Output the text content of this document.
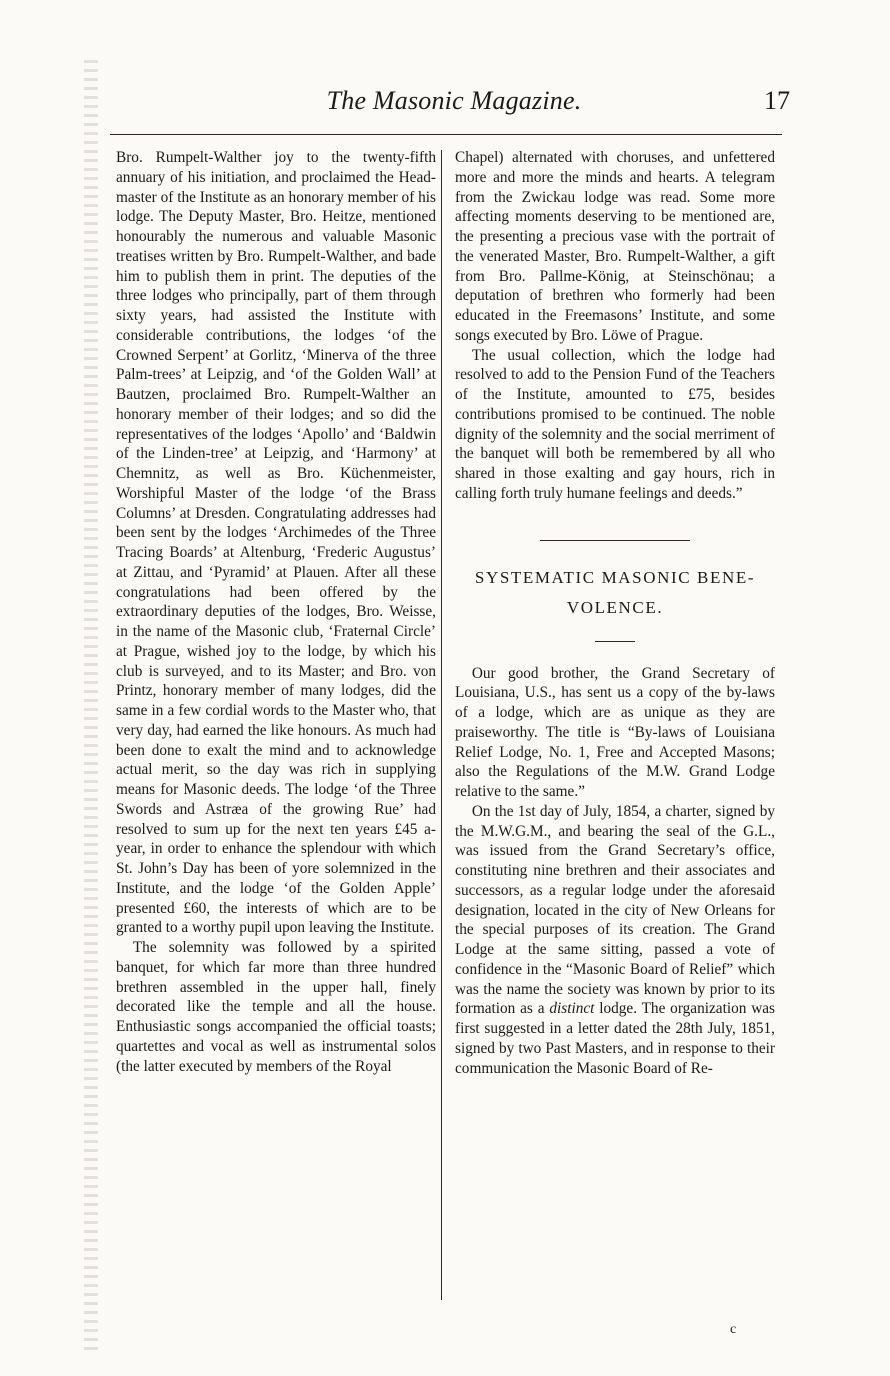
The Masonic Magazine.	17

Bro. Rumpelt-Walther joy to the twenty-fifth annuary of his initiation, and proclaimed the Head-master of the Institute as an honorary member of his lodge. The Deputy Master, Bro. Heitze, mentioned honourably the numerous and valuable Masonic treatises written by Bro. Rumpelt-Walther, and bade him to publish them in print. The deputies of the three lodges who principally, part of them through sixty years, had assisted the Institute with considerable contributions, the lodges ‘of the Crowned Serpent’ at Gorlitz, ‘Minerva of the three Palm-trees’ at Leipzig, and ‘of the Golden Wall’ at Bautzen, proclaimed Bro. Rumpelt-Walther an honorary member of their lodges; and so did the representatives of the lodges ‘Apollo’ and ‘Baldwin of the Linden-tree’ at Leipzig, and ‘Harmony’ at Chemnitz, as well as Bro. Küchenmeister, Worshipful Master of the lodge ‘of the Brass Columns’ at Dresden. Congratulating addresses had been sent by the lodges ‘Archimedes of the Three Tracing Boards’ at Altenburg, ‘Frederic Augustus’ at Zittau, and ‘Pyramid’ at Plauen. After all these congratulations had been offered by the extraordinary deputies of the lodges, Bro. Weisse, in the name of the Masonic club, ‘Fraternal Circle’ at Prague, wished joy to the lodge, by which his club is surveyed, and to its Master; and Bro. von Printz, honorary member of many lodges, did the same in a few cordial words to the Master who, that very day, had earned the like honours. As much had been done to exalt the mind and to acknowledge actual merit, so the day was rich in supplying means for Masonic deeds. The lodge ‘of the Three Swords and Astræa of the growing Rue’ had resolved to sum up for the next ten years £45 a-year, in order to enhance the splendour with which St. John’s Day has been of yore solemnized in the Institute, and the lodge ‘of the Golden Apple’ presented £60, the interests of which are to be granted to a worthy pupil upon leaving the Institute.

The solemnity was followed by a spirited banquet, for which far more than three hundred brethren assembled in the upper hall, finely decorated like the temple and all the house. Enthusiastic songs accompanied the official toasts; quartettes and vocal as well as instrumental solos (the latter executed by members of the Royal

Chapel) alternated with choruses, and unfettered more and more the minds and hearts. A telegram from the Zwickau lodge was read. Some more affecting moments deserving to be mentioned are, the presenting a precious vase with the portrait of the venerated Master, Bro. Rumpelt-Walther, a gift from Bro. Pallme-König, at Steinschönau; a deputation of brethren who formerly had been educated in the Freemasons’ Institute, and some songs executed by Bro. Löwe of Prague.

The usual collection, which the lodge had resolved to add to the Pension Fund of the Teachers of the Institute, amounted to £75, besides contributions promised to be continued. The noble dignity of the solemnity and the social merriment of the banquet will both be remembered by all who shared in those exalting and gay hours, rich in calling forth truly humane feelings and deeds.”

SYSTEMATIC MASONIC BENE-
VOLENCE.

Our good brother, the Grand Secretary of Louisiana, U.S., has sent us a copy of the by-laws of a lodge, which are as unique as they are praiseworthy. The title is “By-laws of Louisiana Relief Lodge, No. 1, Free and Accepted Masons; also the Regulations of the M.W. Grand Lodge relative to the same.”

On the 1st day of July, 1854, a charter, signed by the M.W.G.M., and bearing the seal of the G.L., was issued from the Grand Secretary’s office, constituting nine brethren and their associates and successors, as a regular lodge under the aforesaid designation, located in the city of New Orleans for the special purposes of its creation. The Grand Lodge at the same sitting, passed a vote of confidence in the “Masonic Board of Relief” which was the name the society was known by prior to its formation as a distinct lodge. The organization was first suggested in a letter dated the 28th July, 1851, signed by two Past Masters, and in response to their communication the Masonic Board of Re-

c
